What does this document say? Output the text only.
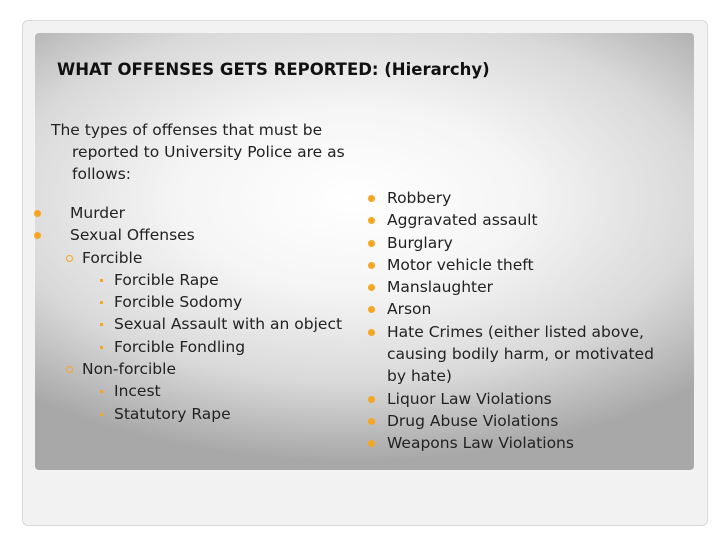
WHAT OFFENSES GETS REPORTED: (Hierarchy)
The types of offenses that must be reported to University Police are as follows:
Murder
Sexual Offenses
Forcible
Forcible Rape
Forcible Sodomy
Sexual Assault with an object
Forcible Fondling
Non-forcible
Incest
Statutory Rape
Robbery
Aggravated assault
Burglary
Motor vehicle theft
Manslaughter
Arson
Hate Crimes (either listed above, causing bodily harm, or motivated by hate)
Liquor Law Violations
Drug Abuse Violations
Weapons Law Violations
